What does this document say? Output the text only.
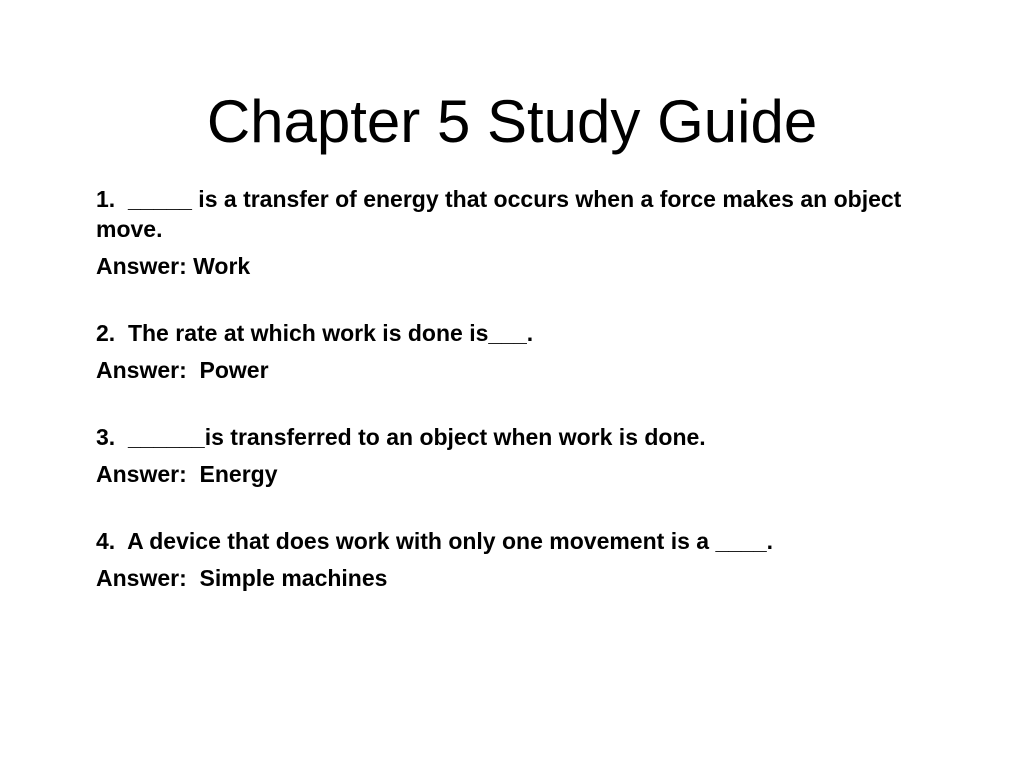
Chapter 5 Study Guide
1.  _____ is a transfer of energy that occurs when a force makes an object move.
Answer: Work
2.  The rate at which work is done is___.
Answer:  Power
3.  ______is transferred to an object when work is done.
Answer:  Energy
4.  A device that does work with only one movement is a ____.
Answer:  Simple machines
